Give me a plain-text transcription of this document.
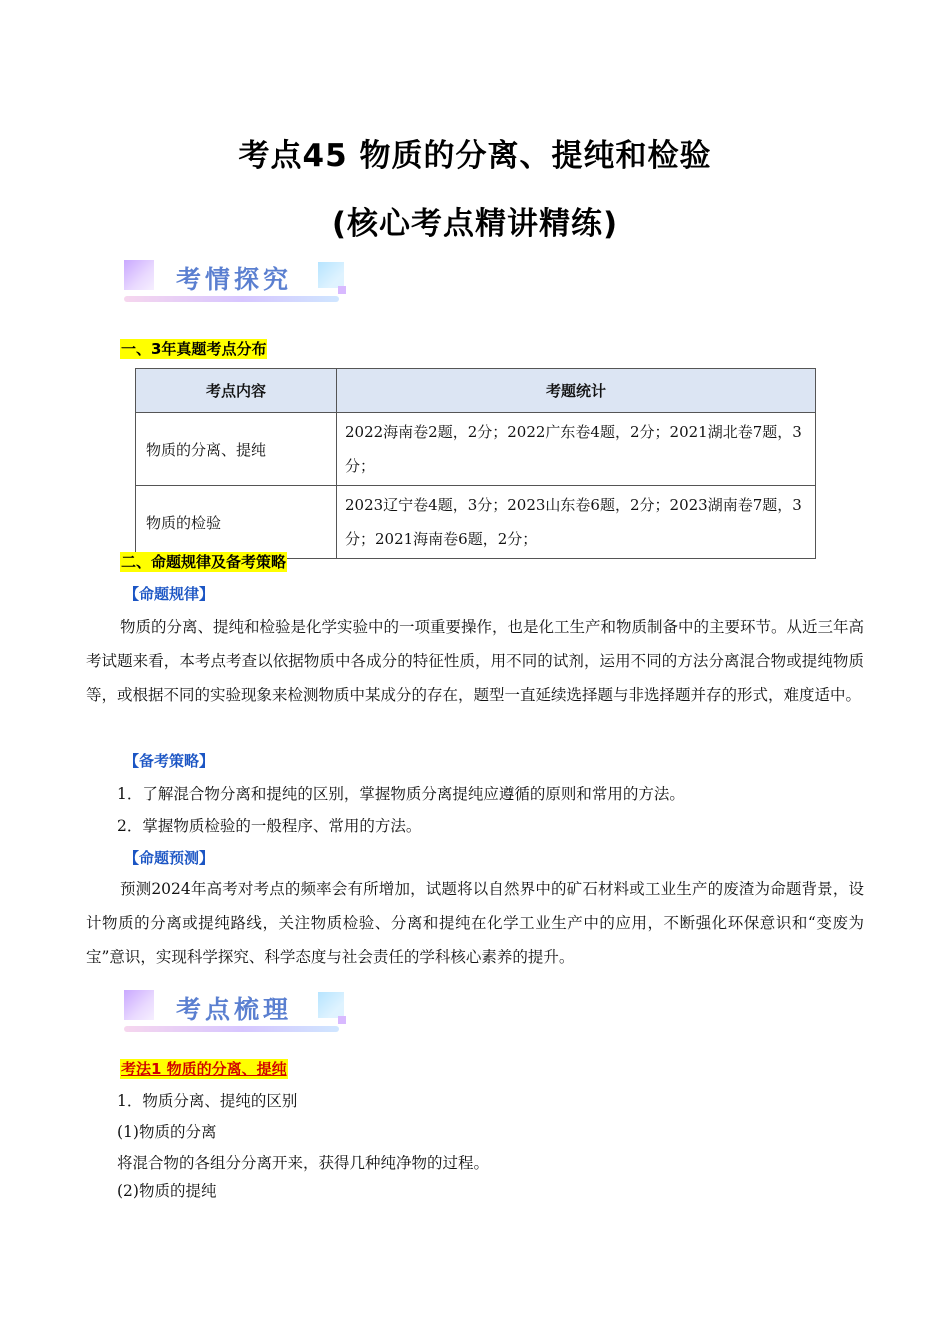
考点45 物质的分离、提纯和检验
(核心考点精讲精练)
考情探究
一、3年真题考点分布
考点内容	考题统计
物质的分离、提纯	2022海南卷2题，2分；2022广东卷4题，2分；2021湖北卷7题，3分；
物质的检验	2023辽宁卷4题，3分；2023山东卷6题，2分；2023湖南卷7题，3分；2021海南卷6题，2分；
二、命题规律及备考策略
【命题规律】

物质的分离、提纯和检验是化学实验中的一项重要操作，也是化工生产和物质制备中的主要环节。从近三年高考试题来看，本考点考查以依据物质中各成分的特征性质，用不同的试剂，运用不同的方法分离混合物或提纯物质等，或根据不同的实验现象来检测物质中某成分的存在，题型一直延续选择题与非选择题并存的形式，难度适中。

【备考策略】
1．了解混合物分离和提纯的区别，掌握物质分离提纯应遵循的原则和常用的方法。
2．掌握物质检验的一般程序、常用的方法。
【命题预测】

预测2024年高考对考点的频率会有所增加，试题将以自然界中的矿石材料或工业生产的废渣为命题背景，设计物质的分离或提纯路线，关注物质检验、分离和提纯在化学工业生产中的应用，不断强化环保意识和“变废为宝”意识，实现科学探究、科学态度与社会责任的学科核心素养的提升。

考点梳理
考法1 物质的分离、提纯
1．物质分离、提纯的区别
(1)物质的分离
将混合物的各组分分离开来，获得几种纯净物的过程。
(2)物质的提纯
